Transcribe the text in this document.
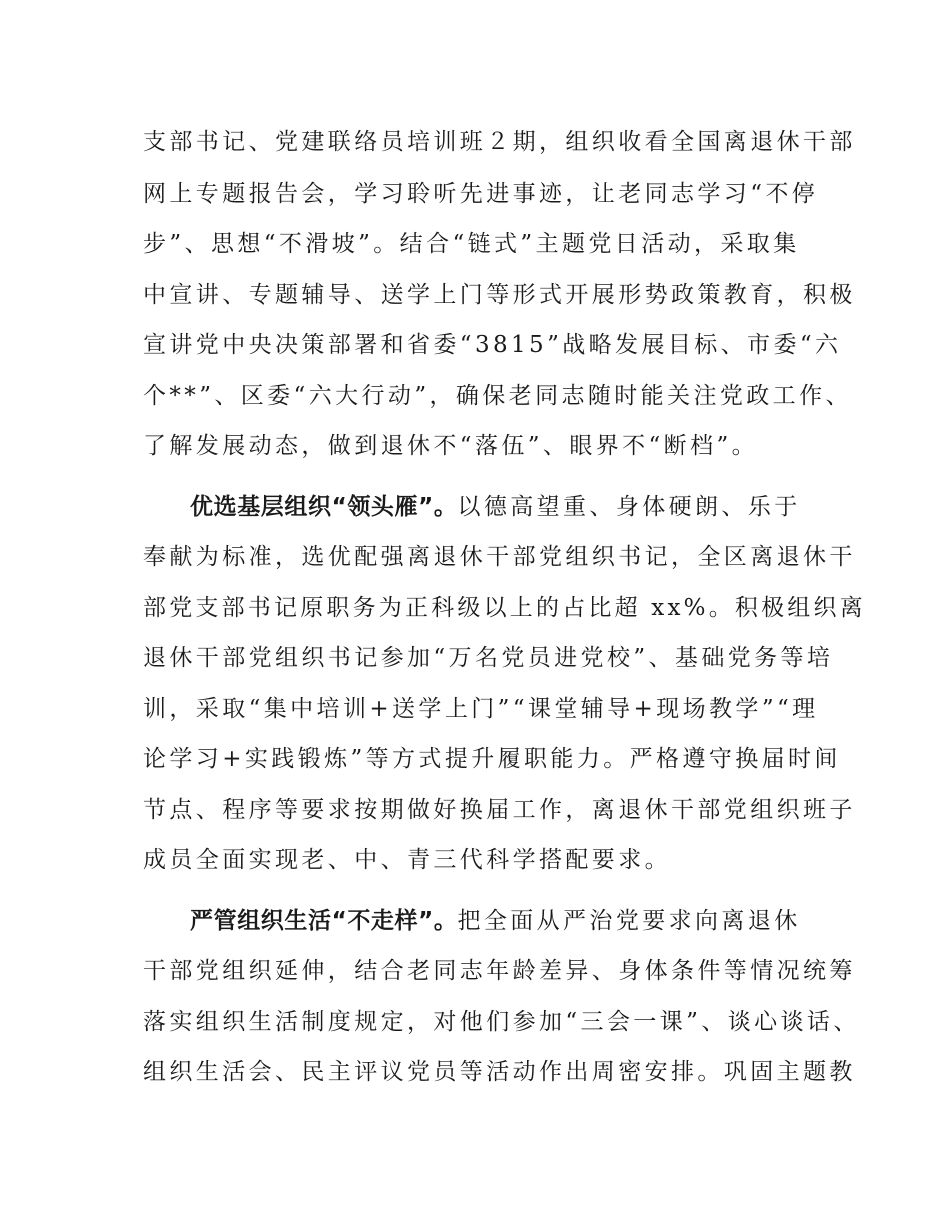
支部书记、党建联络员培训班２期，组织收看全国离退休干部
网上专题报告会，学习聆听先进事迹，让老同志学习“不停
步”、思想“不滑坡”。结合“链式”主题党日活动，采取集
中宣讲、专题辅导、送学上门等形式开展形势政策教育，积极
宣讲党中央决策部署和省委“3815”战略发展目标、市委“六
个**”、区委“六大行动”，确保老同志随时能关注党政工作、
了解发展动态，做到退休不“落伍”、眼界不“断档”。
优选基层组织“领头雁”。以德高望重、身体硬朗、乐于
奉献为标准，选优配强离退休干部党组织书记，全区离退休干
部党支部书记原职务为正科级以上的占比超 xx%。积极组织离
退休干部党组织书记参加“万名党员进党校”、基础党务等培
训，采取“集中培训+送学上门”“课堂辅导+现场教学”“理
论学习+实践锻炼”等方式提升履职能力。严格遵守换届时间
节点、程序等要求按期做好换届工作，离退休干部党组织班子
成员全面实现老、中、青三代科学搭配要求。
严管组织生活“不走样”。把全面从严治党要求向离退休
干部党组织延伸，结合老同志年龄差异、身体条件等情况统筹
落实组织生活制度规定，对他们参加“三会一课”、谈心谈话、
组织生活会、民主评议党员等活动作出周密安排。巩固主题教
